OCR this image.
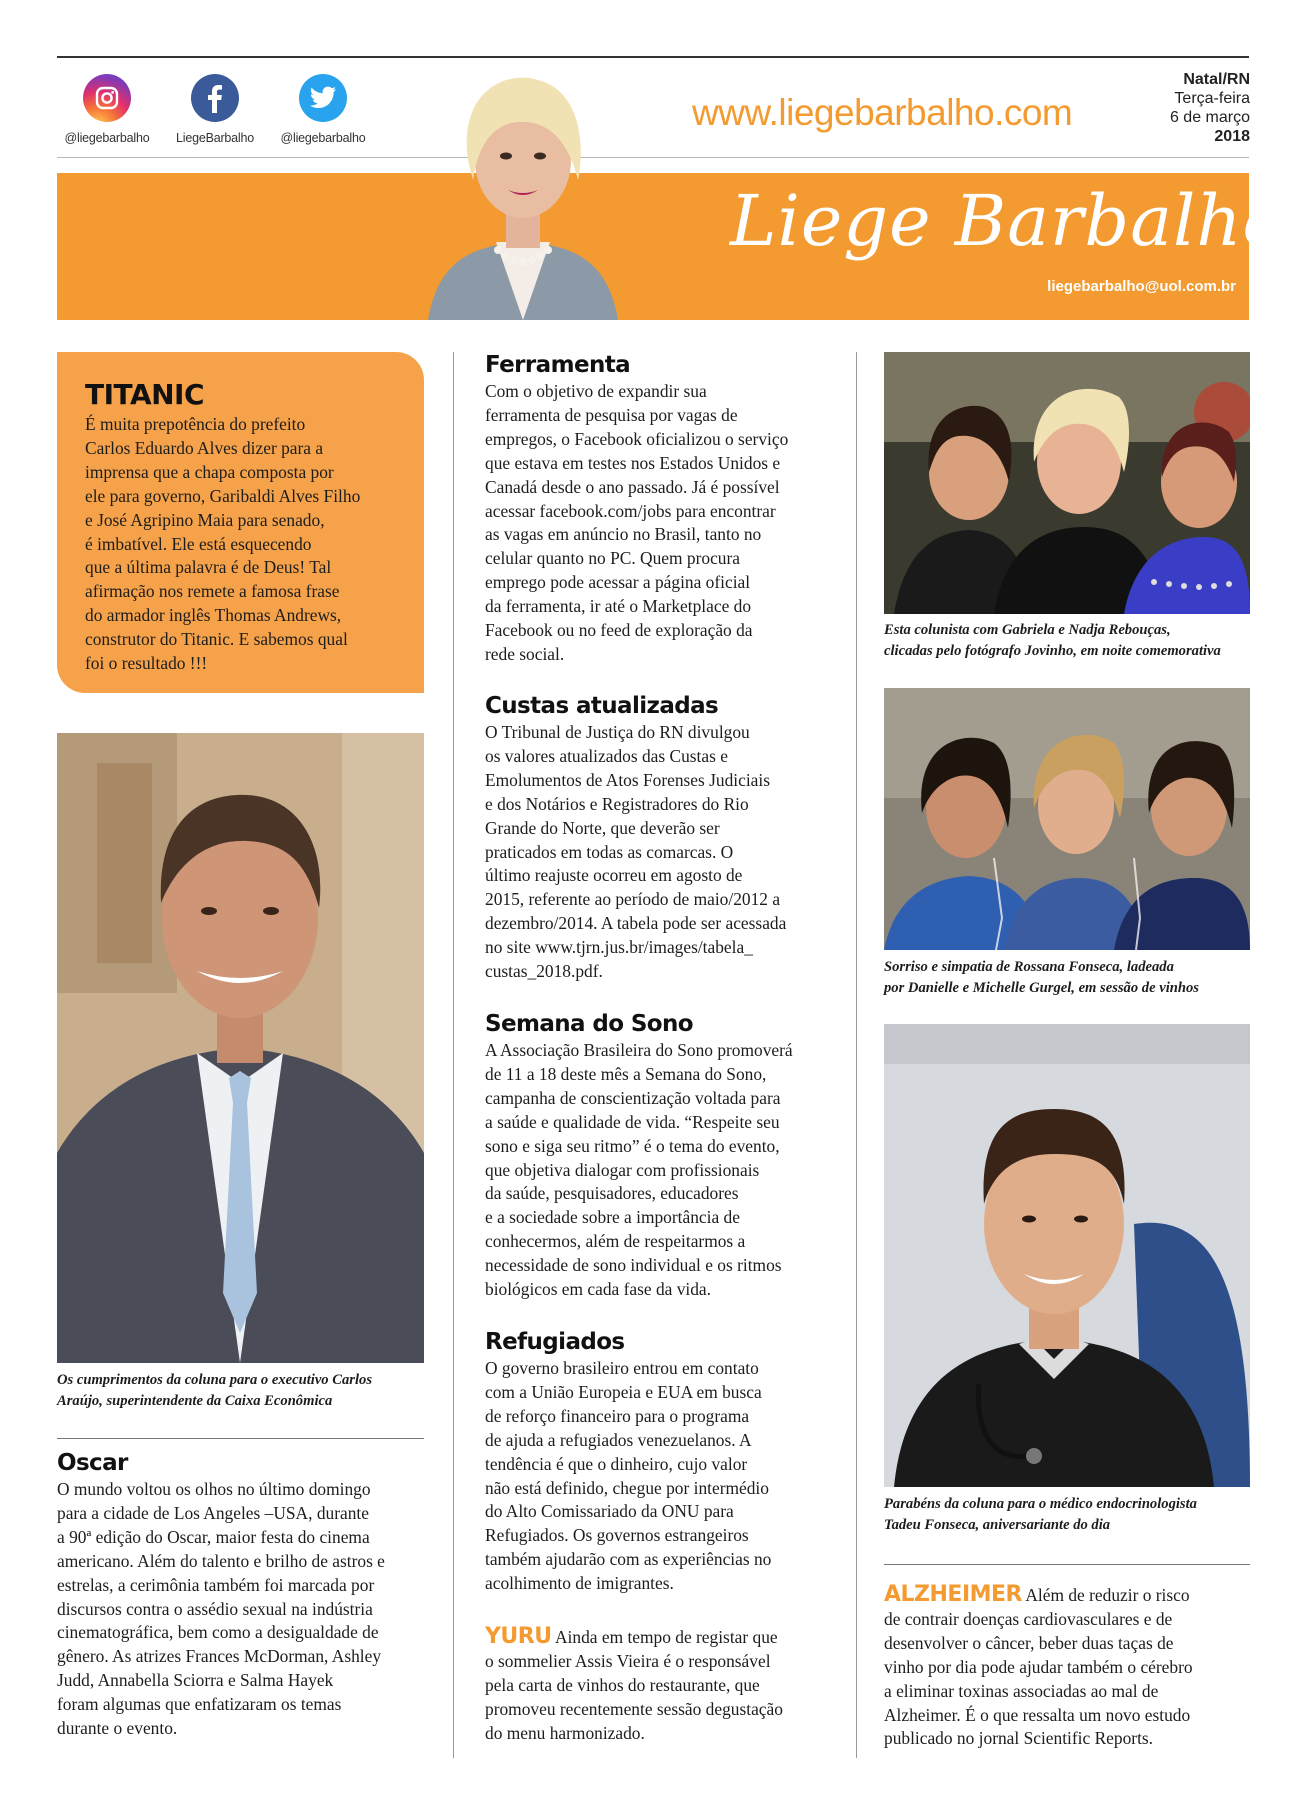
@liegebarbalho	LiegeBarbalho	@liegebarbalho
www.liegebarbalho.com
Natal/RN
Terça-feira
6 de março
2018
Liege Barbalho
liegebarbalho@uol.com.br
TITANIC

É muita prepotência do prefeito
Carlos Eduardo Alves dizer para a
imprensa que a chapa composta por
ele para governo, Garibaldi Alves Filho
e José Agripino Maia para senado,
é imbatível. Ele está esquecendo
que a última palavra é de Deus! Tal
afirmação nos remete a famosa frase
do armador inglês Thomas Andrews,
construtor do Titanic. E sabemos qual
foi o resultado !!!

Os cumprimentos da coluna para o executivo Carlos
Araújo, superintendente da Caixa Econômica
Oscar
O mundo voltou os olhos no último domingo
para a cidade de Los Angeles –USA, durante
a 90ª edição do Oscar, maior festa do cinema
americano. Além do talento e brilho de astros e
estrelas, a cerimônia também foi marcada por
discursos contra o assédio sexual na indústria
cinematográfica, bem como a desigualdade de
gênero. As atrizes Frances McDorman, Ashley
Judd, Annabella Sciorra e Salma Hayek
foram algumas que enfatizaram os temas
durante o evento.
Ferramenta
Com o objetivo de expandir sua
ferramenta de pesquisa por vagas de
empregos, o Facebook oficializou o serviço
que estava em testes nos Estados Unidos e
Canadá desde o ano passado. Já é possível
acessar facebook.com/jobs para encontrar
as vagas em anúncio no Brasil, tanto no
celular quanto no PC. Quem procura
emprego pode acessar a página oficial
da ferramenta, ir até o Marketplace do
Facebook ou no feed de exploração da
rede social.
Custas atualizadas
O Tribunal de Justiça do RN divulgou
os valores atualizados das Custas e
Emolumentos de Atos Forenses Judiciais
e dos Notários e Registradores do Rio
Grande do Norte, que deverão ser
praticados em todas as comarcas. O
último reajuste ocorreu em agosto de
2015, referente ao período de maio/2012 a
dezembro/2014. A tabela pode ser acessada
no site www.tjrn.jus.br/images/tabela_
custas_2018.pdf.
Semana do Sono
A Associação Brasileira do Sono promoverá
de 11 a 18 deste mês a Semana do Sono,
campanha de conscientização voltada para
a saúde e qualidade de vida. “Respeite seu
sono e siga seu ritmo” é o tema do evento,
que objetiva dialogar com profissionais
da saúde, pesquisadores, educadores
e a sociedade sobre a importância de
conhecermos, além de respeitarmos a
necessidade de sono individual e os ritmos
biológicos em cada fase da vida.
Refugiados
O governo brasileiro entrou em contato
com a União Europeia e EUA em busca
de reforço financeiro para o programa
de ajuda a refugiados venezuelanos. A
tendência é que o dinheiro, cujo valor
não está definido, chegue por intermédio
do Alto Comissariado da ONU para
Refugiados. Os governos estrangeiros
também ajudarão com as experiências no
acolhimento de imigrantes.
YURU Ainda em tempo de registar que
o sommelier Assis Vieira é o responsável
pela carta de vinhos do restaurante, que
promoveu recentemente sessão degustação
do menu harmonizado.
Esta colunista com Gabriela e Nadja Rebouças,
clicadas pelo fotógrafo Jovinho, em noite comemorativa
Sorriso e simpatia de Rossana Fonseca, ladeada
por Danielle e Michelle Gurgel, em sessão de vinhos
Parabéns da coluna para o médico endocrinologista
Tadeu Fonseca, aniversariante do dia
ALZHEIMER Além de reduzir o risco
de contrair doenças cardiovasculares e de
desenvolver o câncer, beber duas taças de
vinho por dia pode ajudar também o cérebro
a eliminar toxinas associadas ao mal de
Alzheimer. É o que ressalta um novo estudo
publicado no jornal Scientific Reports.
